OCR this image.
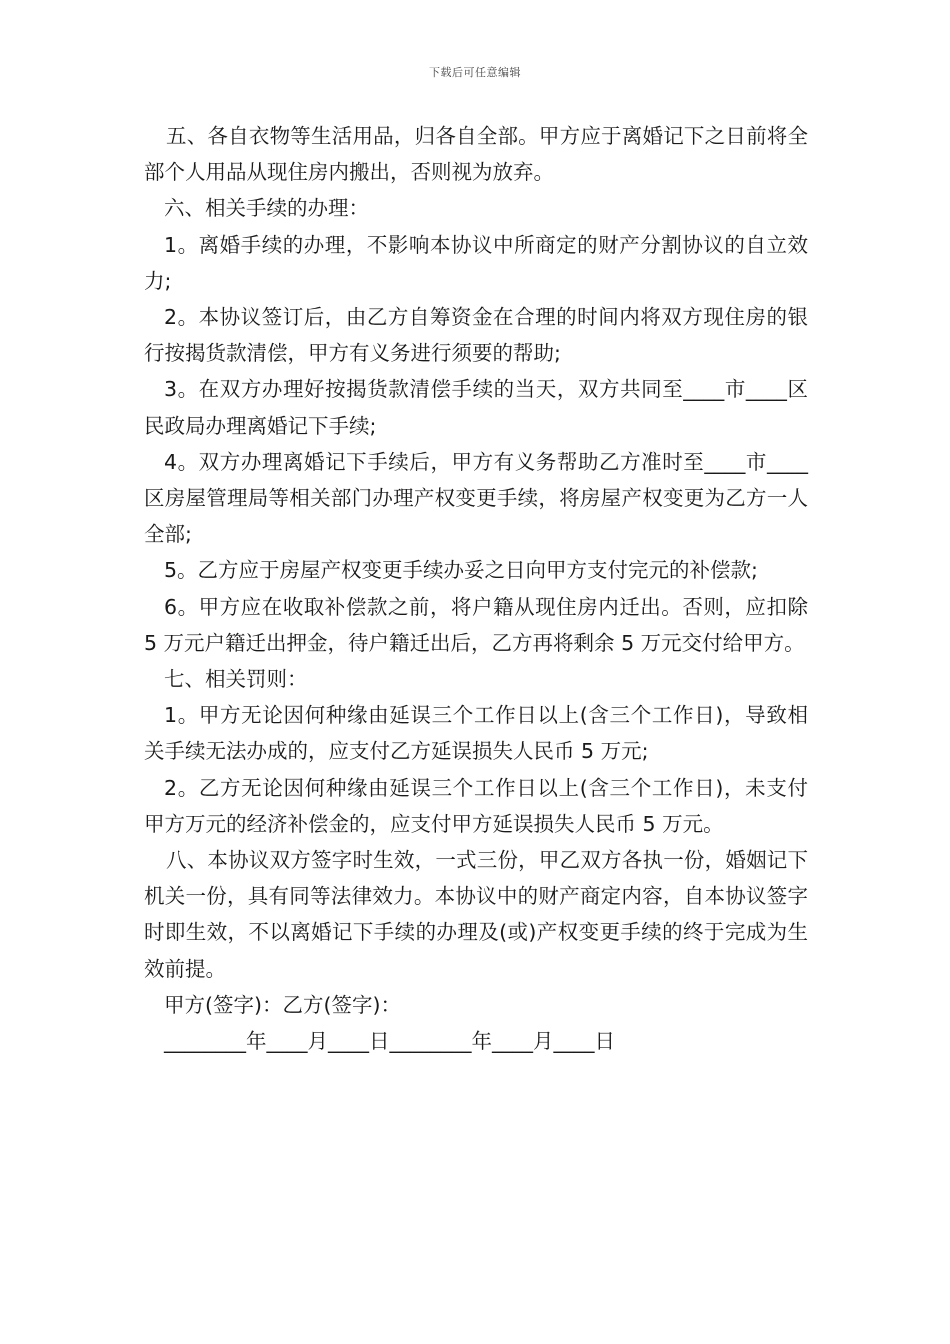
下载后可任意编辑

五、各自衣物等生活用品，归各自全部。甲方应于离婚记下之日前将全部个人用品从现住房内搬出，否则视为放弃。

六、相关手续的办理：

1。离婚手续的办理，不影响本协议中所商定的财产分割协议的自立效力;

2。本协议签订后，由乙方自筹资金在合理的时间内将双方现住房的银行按揭货款清偿，甲方有义务进行须要的帮助;

3。在双方办理好按揭货款清偿手续的当天，双方共同至____市____区民政局办理离婚记下手续;

4。双方办理离婚记下手续后，甲方有义务帮助乙方准时至____市____区房屋管理局等相关部门办理产权变更手续，将房屋产权变更为乙方一人全部;

5。乙方应于房屋产权变更手续办妥之日向甲方支付完元的补偿款;

6。甲方应在收取补偿款之前，将户籍从现住房内迁出。否则，应扣除 5 万元户籍迁出押金，待户籍迁出后，乙方再将剩余 5 万元交付给甲方。

七、相关罚则：

1。甲方无论因何种缘由延误三个工作日以上(含三个工作日)，导致相关手续无法办成的，应支付乙方延误损失人民币 5 万元;

2。乙方无论因何种缘由延误三个工作日以上(含三个工作日)，未支付甲方万元的经济补偿金的，应支付甲方延误损失人民币 5 万元。

八、本协议双方签字时生效，一式三份，甲乙双方各执一份，婚姻记下机关一份，具有同等法律效力。本协议中的财产商定内容，自本协议签字时即生效，不以离婚记下手续的办理及(或)产权变更手续的终于完成为生效前提。

甲方(签字)：乙方(签字)：

________年____月____日________年____月____日
